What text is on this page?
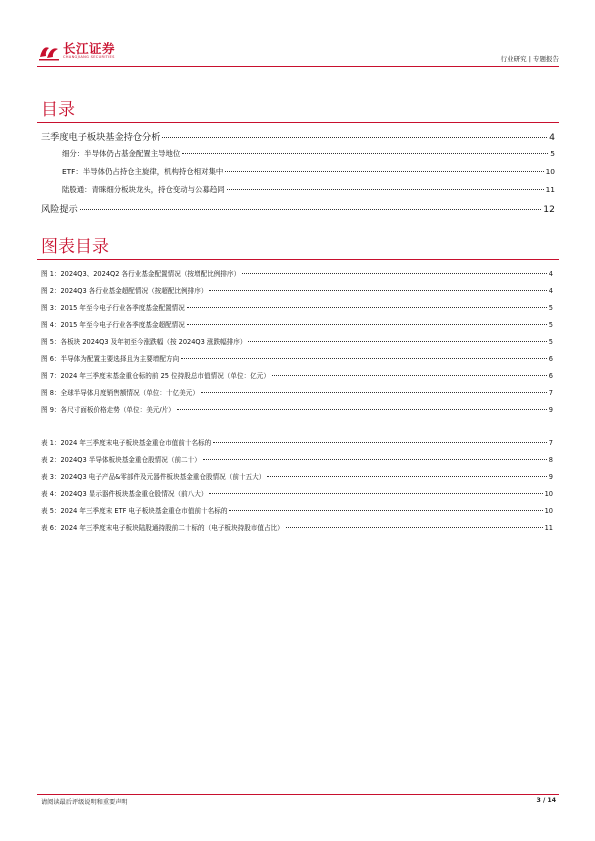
长江证券
CHANGJIANG SECURITIES	行业研究 | 专题报告
目录
三季度电子板块基金持仓分析	4
细分：半导体仍占基金配置主导地位	5
ETF：半导体仍占持仓主旋律，机构持仓相对集中	10
陆股通：青睐细分板块龙头，持仓变动与公募趋同	11
风险提示	12
图表目录
图 1：2024Q3、2024Q2 各行业基金配置情况（按增配比例排序）	4
图 2：2024Q3 各行业基金超配情况（按超配比例排序）	4
图 3：2015 年至今电子行业各季度基金配置情况	5
图 4：2015 年至今电子行业各季度基金超配情况	5
图 5：各板块 2024Q3 及年初至今涨跌幅（按 2024Q3 涨跌幅排序）	5
图 6：半导体为配置主要选择且为主要增配方向	6
图 7：2024 年三季度末基金重仓标的前 25 位持股总市值情况（单位：亿元）	6
图 8：全球半导体月度销售额情况（单位：十亿美元）	7
图 9：各尺寸面板价格走势（单位：美元/片）	9
表 1：2024 年三季度末电子板块基金重仓市值前十名标的	7
表 2：2024Q3 半导体板块基金重仓股情况（前二十）	8
表 3：2024Q3 电子产品&零部件及元器件板块基金重仓股情况（前十五大）	9
表 4：2024Q3 显示器件板块基金重仓股情况（前八大）	10
表 5：2024 年三季度末 ETF 电子板块基金重仓市值前十名标的	10
表 6：2024 年三季度末电子板块陆股通持股前二十标的（电子板块持股市值占比）	11
请阅读最后评级说明和重要声明	3 / 14
